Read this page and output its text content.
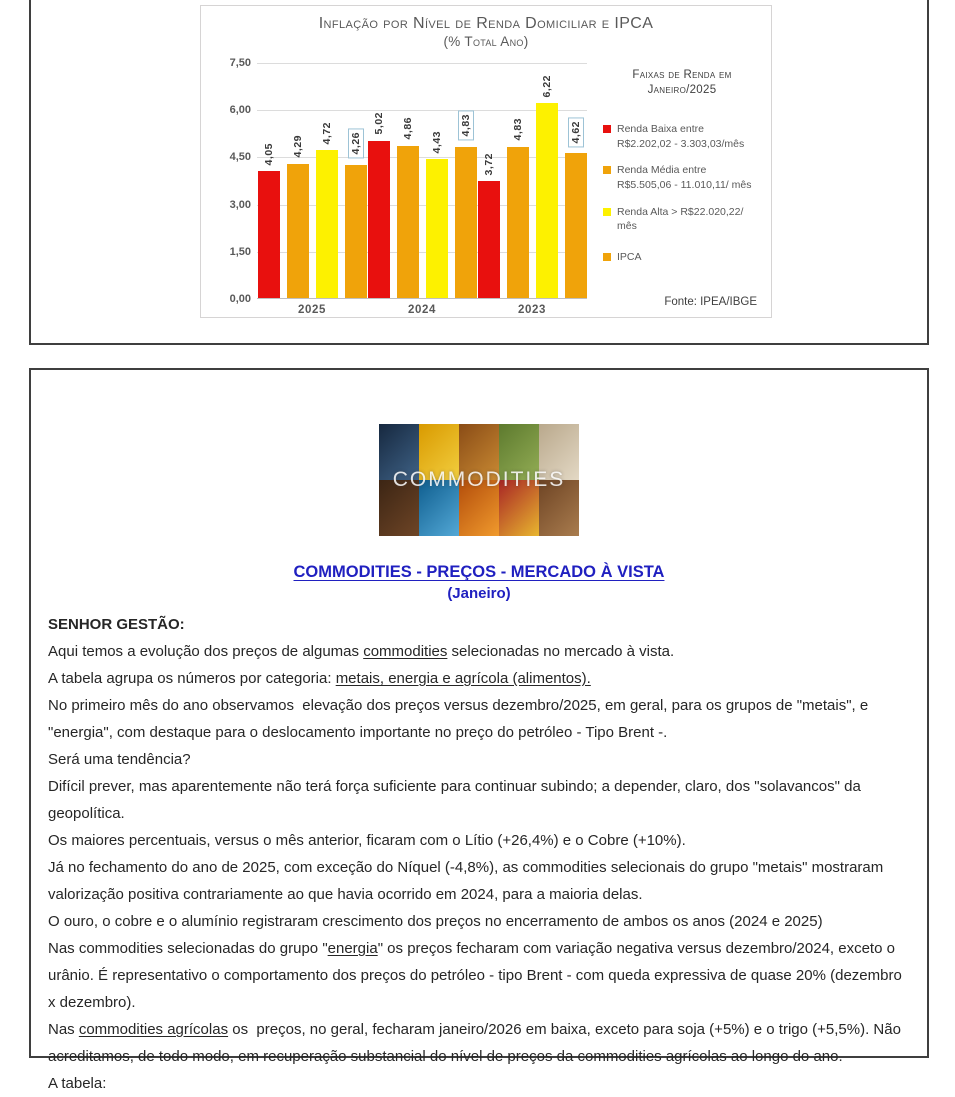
Inflação por Nível de Renda Domiciliar e IPCA
(% Total Ano)
4,05 4,29
4,72 4,26
5,02 4,86
4,43
4,83
3,72
4,83
6,22
4,62
7,50
6,00
4,50
3,00
1,50
0,00
2025	2024	2023
Faixas de Renda em
Janeiro/2025
Renda Baixa entre R$2.202,02 - 3.303,03/mês
Renda Média entre R$5.505,06 - 11.010,11/ mês
Renda Alta > R$22.020,22/ mês
IPCA
Fonte: IPEA/IBGE
COMMODITIES
COMMODITIES - PREÇOS - MERCADO À VISTA
(Janeiro)

SENHOR GESTÃO:

Aqui temos a evolução dos preços de algumas commodities selecionadas no mercado à vista.

A tabela agrupa os números por categoria: metais, energia e agrícola (alimentos).

No primeiro mês do ano observamos  elevação dos preços versus dezembro/2025, em geral, para os grupos de "metais", e "energia", com destaque para o deslocamento importante no preço do petróleo - Tipo Brent -.

Será uma tendência?

Difícil prever, mas aparentemente não terá força suficiente para continuar subindo; a depender, claro, dos "solavancos" da geopolítica.

Os maiores percentuais, versus o mês anterior, ficaram com o Lítio (+26,4%) e o Cobre (+10%).

Já no fechamento do ano de 2025, com exceção do Níquel (-4,8%), as commodities selecionais do grupo "metais" mostraram valorização positiva contrariamente ao que havia ocorrido em 2024, para a maioria delas.

O ouro, o cobre e o alumínio registraram crescimento dos preços no encerramento de ambos os anos (2024 e 2025)

Nas commodities selecionadas do grupo "energia" os preços fecharam com variação negativa versus dezembro/2024, exceto o urânio. É representativo o comportamento dos preços do petróleo - tipo Brent - com queda expressiva de quase 20% (dezembro x dezembro).

Nas commodities agrícolas os  preços, no geral, fecharam janeiro/2026 em baixa, exceto para soja (+5%) e o trigo (+5,5%). Não acreditamos, de todo modo, em recuperação substancial do nível de preços da commodities agrícolas ao longo do ano.

A tabela:
